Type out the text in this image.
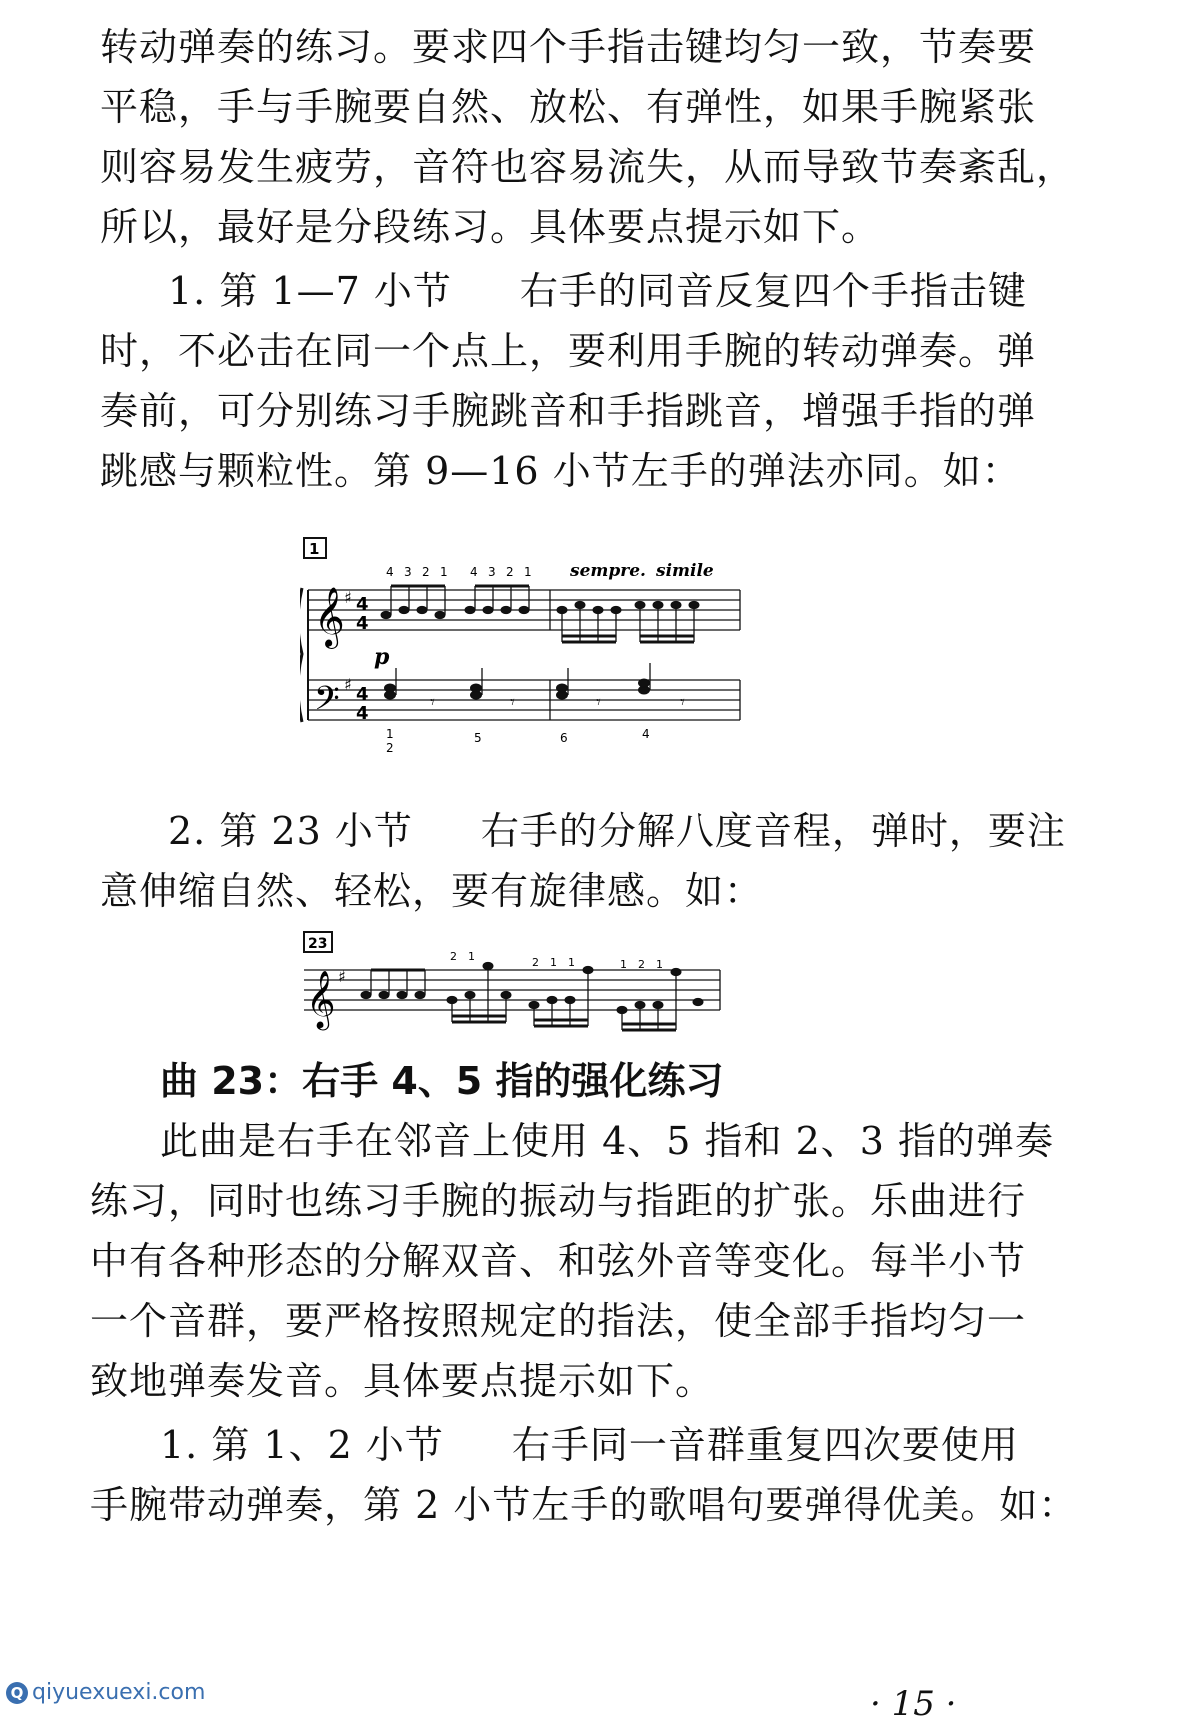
转动弹奏的练习。要求四个手指击键均匀一致，节奏要
平稳，手与手腕要自然、放松、有弹性，如果手腕紧张
则容易发生疲劳，音符也容易流失，从而导致节奏紊乱，
所以，最好是分段练习。具体要点提示如下。
1. 第 1—7 小节 右手的同音反复四个手指击键
时，不必击在同一个点上，要利用手腕的转动弹奏。弹
奏前，可分别练习手腕跳音和手指跳音，增强手指的弹
跳感与颗粒性。第 9—16 小节左手的弹法亦同。如：
1
sempre. simile
𝄞
𝄢
♯
♯
4
4
4
4
4 3 2 1 4 3 2 1
p
𝄾	𝄾	𝄾	𝄾
1
2
5	6	4
2. 第 23 小节 右手的分解八度音程，弹时，要注
意伸缩自然、轻松，要有旋律感。如：
23
𝄞 ♯
2 1	2 1 1	1 2 1
曲 23：右手 4、5 指的强化练习
此曲是右手在邻音上使用 4、5 指和 2、3 指的弹奏
练习，同时也练习手腕的振动与指距的扩张。乐曲进行
中有各种形态的分解双音、和弦外音等变化。每半小节
一个音群，要严格按照规定的指法，使全部手指均匀一
致地弹奏发音。具体要点提示如下。
1. 第 1、2 小节 右手同一音群重复四次要使用
手腕带动弹奏，第 2 小节左手的歌唱句要弹得优美。如：
· 15 ·
Q qiyuexuexi.com
